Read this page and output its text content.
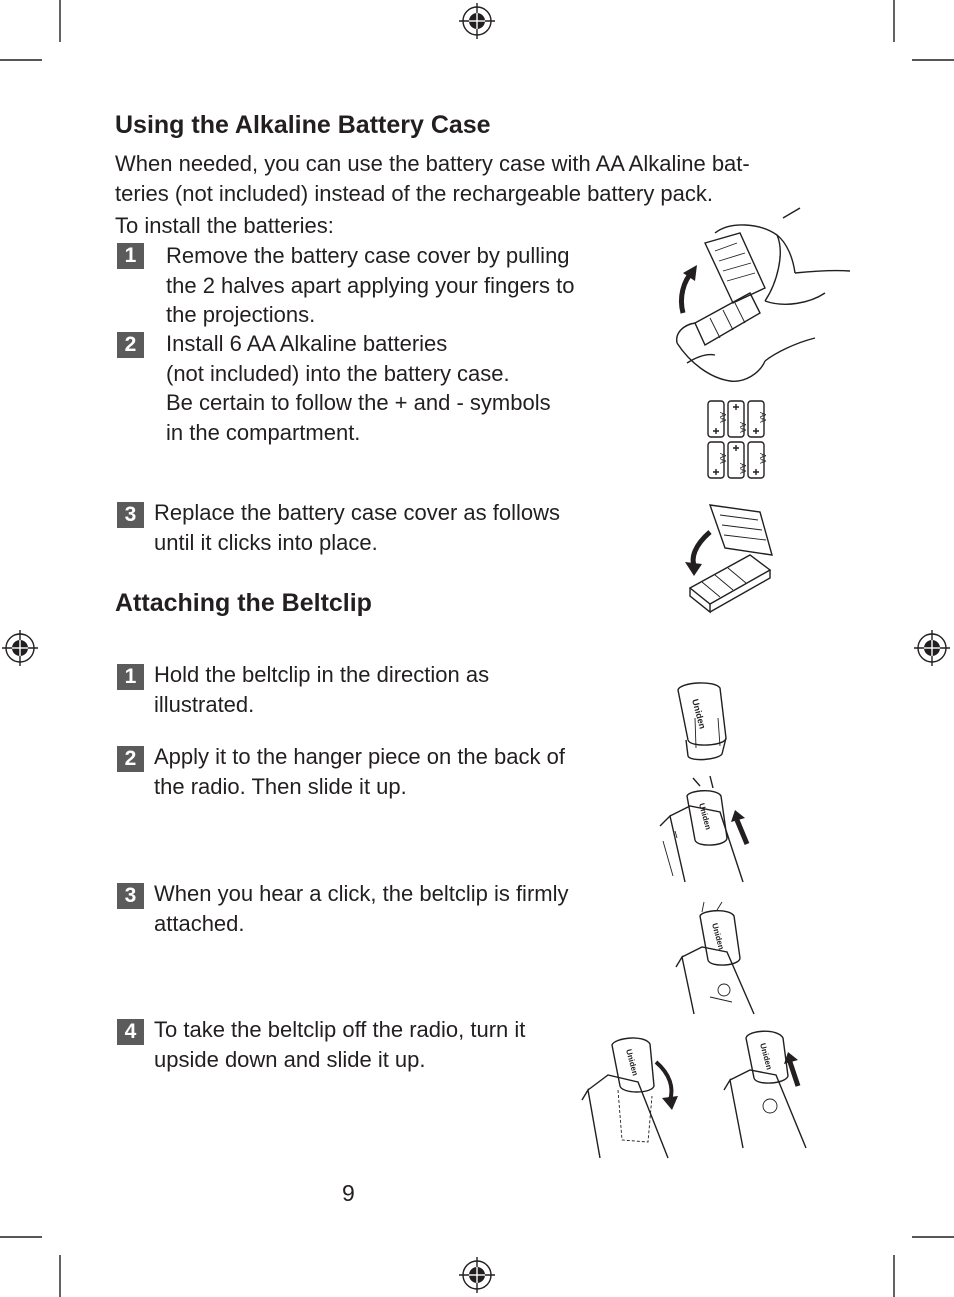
Using the Alkaline Battery Case
When needed, you can use the battery case with AA Alkaline bat-
teries (not included) instead of the rechargeable battery pack.
To install the batteries:
1	Remove the battery case cover by pulling
the 2 halves apart applying your fingers to
the projections.
2	Install 6 AA Alkaline batteries
(not included) into the battery case.
Be certain to follow the + and - symbols
in the compartment.
3 Replace the battery case cover as follows
until it clicks into place.
AA
AA
AA
AA
AA
AA
Attaching the Beltclip
1 Hold the beltclip in the direction as
illustrated.
2 Apply it to the hanger piece on the back of
the radio. Then slide it up.
3 When you hear a click, the beltclip is firmly
attached.
4 To take the beltclip off the radio, turn it
upside down and slide it up.
Uniden
Uniden
Uniden
Uniden	Uniden
9
